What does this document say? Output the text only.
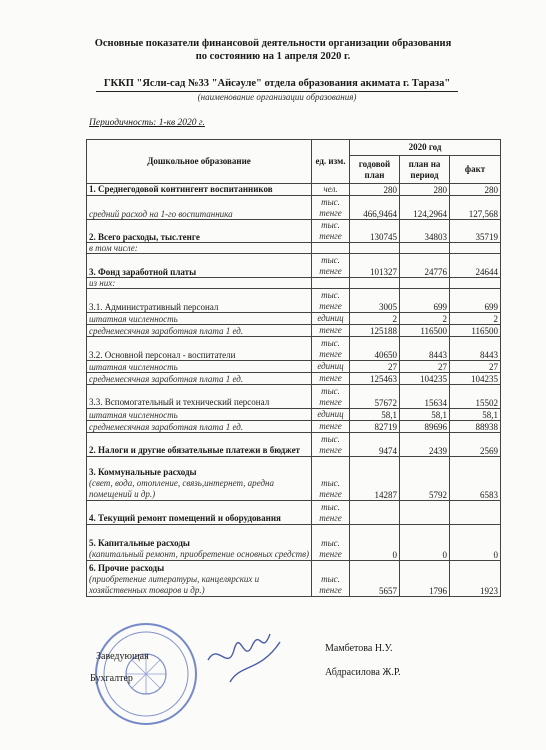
Основные показатели финансовой деятельности организации образования
по состоянию на 1 апреля 2020 г.
ГККП "Ясли-сад №33 "Айсәуле" отдела образования акимата г. Тараза"
(наименование организации образования)
Периодичность: 1-кв 2020 г.
Дошкольное образование	ед. изм.	2020 год		
		годовой план	план на период	факт
1. Среднегодовой контингент воспитанников	чел.	280	280	280
средний расход на 1-го воспитанника	тыс. тенге	466,9464	124,2964	127,568
2. Всего расходы, тыс.тенге	тыс. тенге	130745	34803	35719
в том числе:				
3. Фонд заработной платы	тыс. тенге	101327	24776	24644
из них:				
3.1. Административный персонал	тыс. тенге	3005	699	699
штатная численность	единиц	2	2	2
среднемесячная заработная плата 1 ед.	тенге	125188	116500	116500
3.2. Основной персонал - воспитатели	тыс. тенге	40650	8443	8443
штатная численность	единиц	27	27	27
среднемесячная заработная плата 1 ед.	тенге	125463	104235	104235
3.3. Вспомогательный и технический персонал	тыс. тенге	57672	15634	15502
штатная численность	единиц	58,1	58,1	58,1
среднемесячная заработная плата 1 ед.	тенге	82719	89696	88938
2. Налоги и другие обязательные платежи в бюджет	тыс. тенге	9474	2439	2569
3. Коммунальные расходы
(свет, вода, отопление, связь,интернет, аредна помещений и др.)	тыс. тенге	14287	5792	6583
4. Текущий ремонт помещений и оборудования	тыс. тенге			
5. Капитальные расходы
(капитальный ремонт, приобретение основных средств)	тыс. тенге	0	0	0
6. Прочие расходы
(приобретение литературы, канцелярских и хозяйственных товаров и др.)	тыс. тенге	5657	1796	1923
Заведующая
Мамбетова Н.У.
Бухгалтер
Абдрасилова Ж.Р.
